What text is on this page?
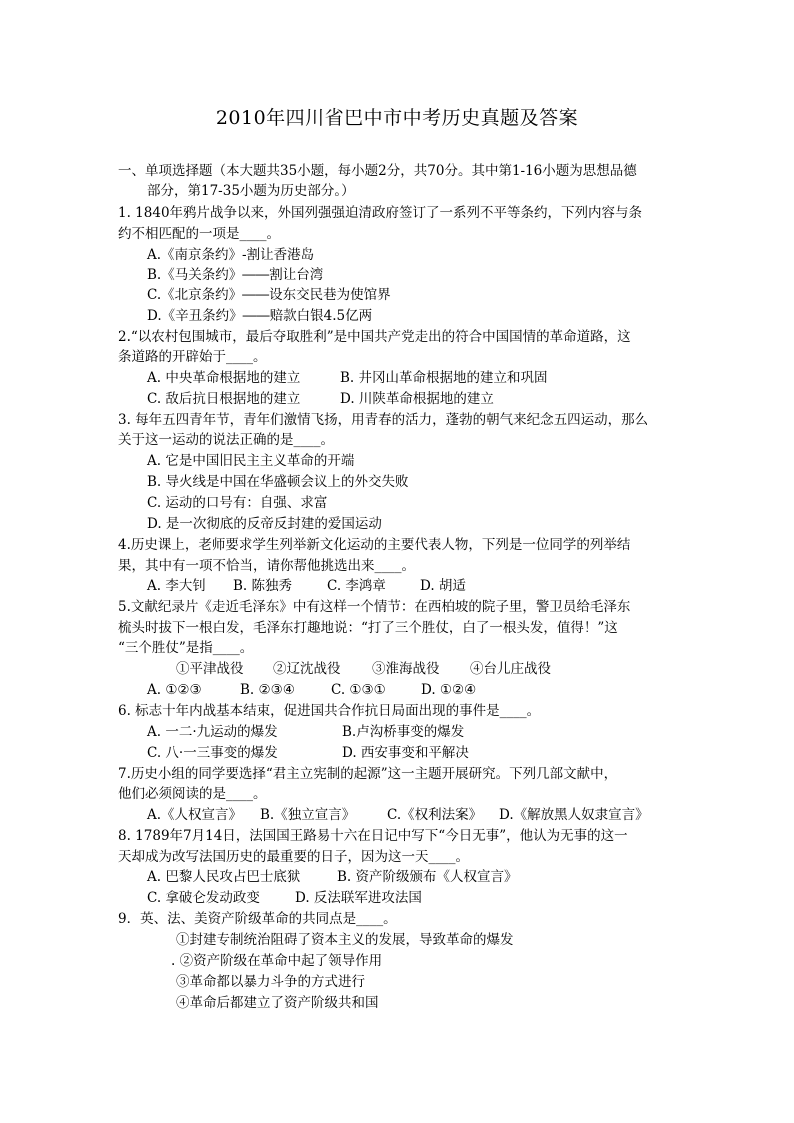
2010年四川省巴中市中考历史真题及答案
一、单项选择题（本大题共35小题，每小题2分，共70分。其中第1-16小题为思想品德
部分，第17-35小题为历史部分。）
1. 1840年鸦片战争以来，外国列强强迫清政府签订了一系列不平等条约，下列内容与条
约不相匹配的一项是____。
A.《南京条约》-割让香港岛
B.《马关条约》――割让台湾
C.《北京条约》――设东交民巷为使馆界
D.《辛丑条约》――赔款白银4.5亿两
2.“以农村包围城市，最后夺取胜利”是中国共产党走出的符合中国国情的革命道路，这
条道路的开辟始于____。
A. 中央革命根据地的建立	B. 井冈山革命根据地的建立和巩固
C. 敌后抗日根据地的建立	D. 川陕革命根据地的建立
3. 每年五四青年节，青年们激情飞扬，用青春的活力，蓬勃的朝气来纪念五四运动，那么
关于这一运动的说法正确的是____。
A. 它是中国旧民主主义革命的开端
B. 导火线是中国在华盛顿会议上的外交失败
C. 运动的口号有：自强、求富
D. 是一次彻底的反帝反封建的爱国运动
4.历史课上，老师要求学生列举新文化运动的主要代表人物，下列是一位同学的列举结
果，其中有一项不恰当，请你帮他挑选出来____。
A. 李大钊 B. 陈独秀	C. 李鸿章	D. 胡适
5.文献纪录片《走近毛泽东》中有这样一个情节：在西柏坡的院子里，警卫员给毛泽东
梳头时拔下一根白发，毛泽东打趣地说：“打了三个胜仗，白了一根头发，值得！”这
“三个胜仗”是指____。
①平津战役 ②辽沈战役 ③淮海战役 ④台儿庄战役
A. ①②③	B. ②③④	C. ①③①	D. ①②④
6. 标志十年内战基本结束，促进国共合作抗日局面出现的事件是____。
A. 一二·九运动的爆发	B.卢沟桥事变的爆发
C. 八·一三事变的爆发	D. 西安事变和平解决
7.历史小组的同学要选择“君主立宪制的起源”这一主题开展研究。下列几部文献中，
他们必须阅读的是____。
A.《人权宣言》 B.《独立宣言》 C.《权利法案》 D.《解放黑人奴隶宣言》
8. 1789年7月14日，法国国王路易十六在日记中写下“今日无事”，他认为无事的这一
天却成为改写法国历史的最重要的日子，因为这一天____。
A. 巴黎人民攻占巴士底狱	B. 资产阶级颁布《人权宣言》
C. 拿破仑发动政变	D. 反法联军进攻法国
9．英、法、美资产阶级革命的共同点是____。
①封建专制统治阻碍了资本主义的发展，导致革命的爆发
. ②资产阶级在革命中起了领导作用
③革命都以暴力斗争的方式进行
④革命后都建立了资产阶级共和国
